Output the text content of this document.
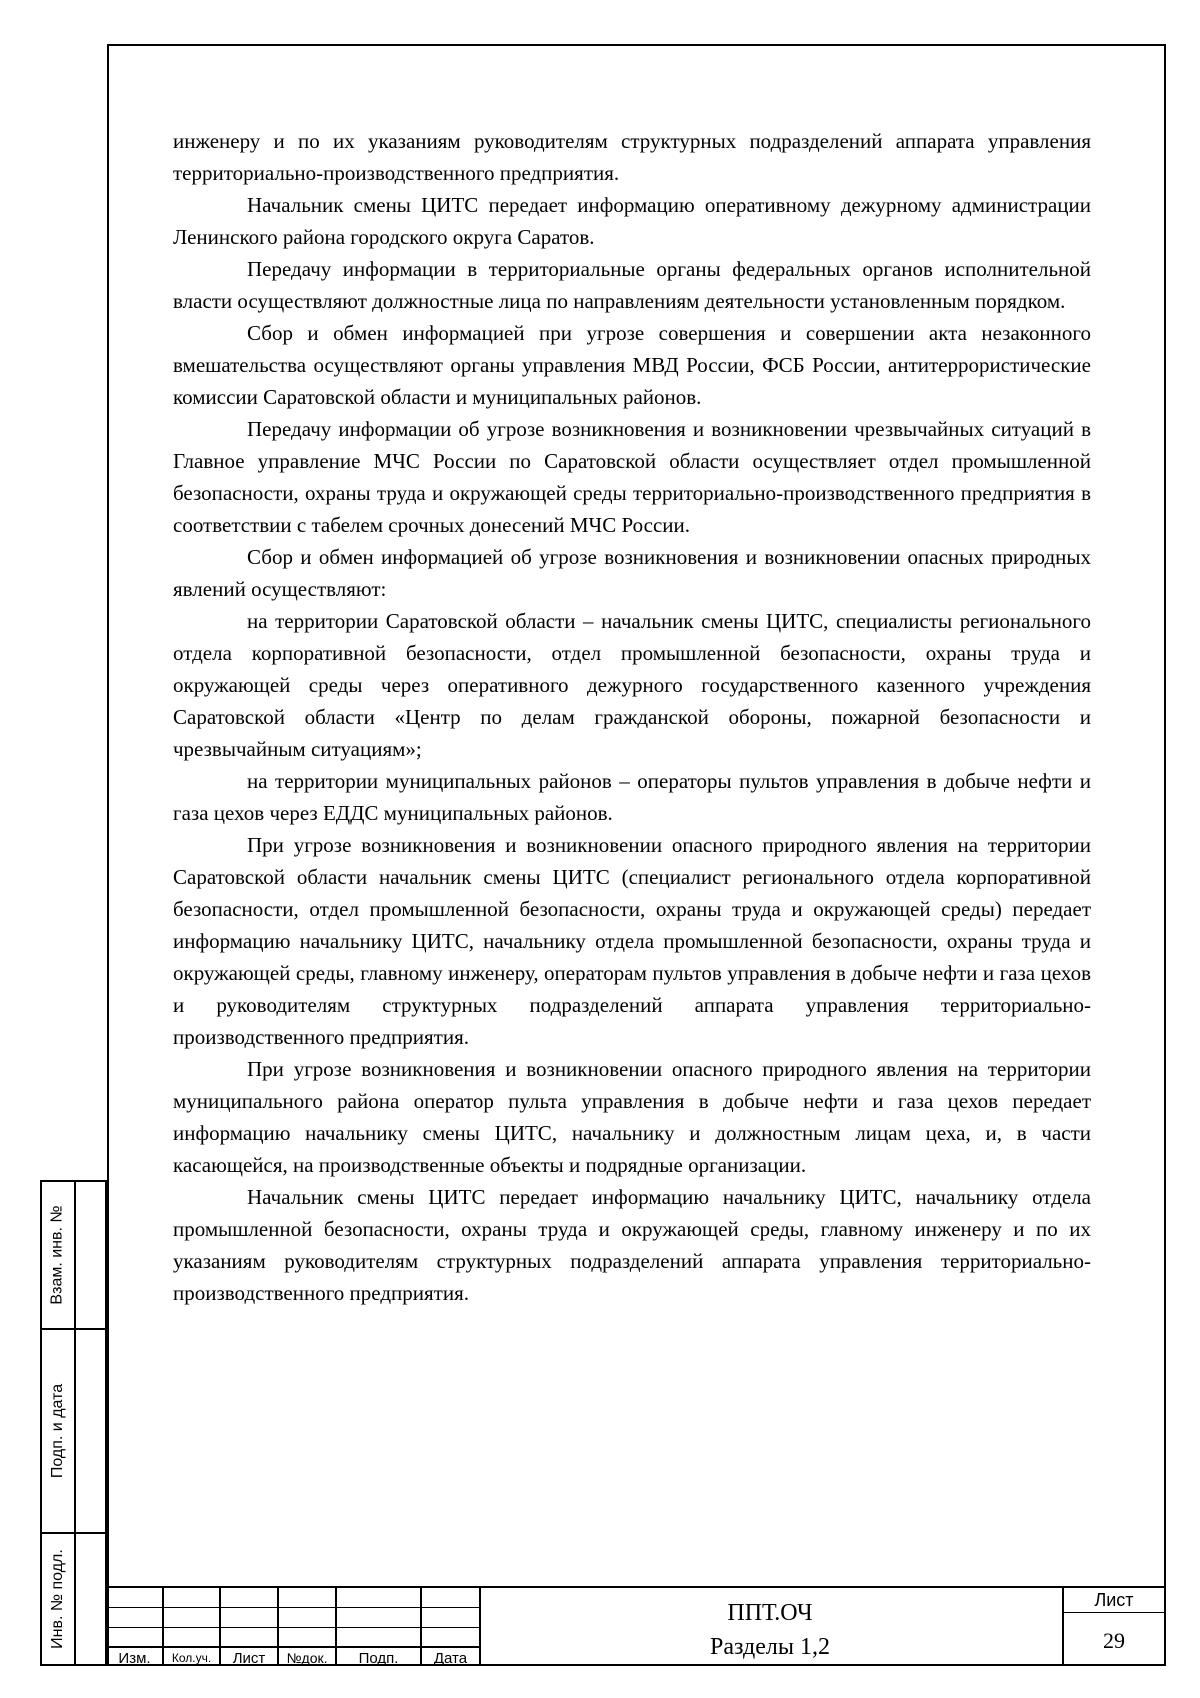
инженеру и по их указаниям руководителям структурных подразделений аппарата управления территориально-производственного предприятия.

Начальник смены ЦИТС передает информацию оперативному дежурному администрации Ленинского района городского округа Саратов.

Передачу информации в территориальные органы федеральных органов исполнительной власти осуществляют должностные лица по направлениям деятельности установленным порядком.

Сбор и обмен информацией при угрозе совершения и совершении акта незаконного вмешательства осуществляют органы управления МВД России, ФСБ России, антитеррористические комиссии Саратовской области и муниципальных районов.

Передачу информации об угрозе возникновения и возникновении чрезвычайных ситуаций в Главное управление МЧС России по Саратовской области осуществляет отдел промышленной безопасности, охраны труда и окружающей среды территориально-производственного предприятия в соответствии с табелем срочных донесений МЧС России.

Сбор и обмен информацией об угрозе возникновения и возникновении опасных природных явлений осуществляют:

на территории Саратовской области – начальник смены ЦИТС, специалисты регионального отдела корпоративной безопасности, отдел промышленной безопасности, охраны труда и окружающей среды через оперативного дежурного государственного казенного учреждения Саратовской области «Центр по делам гражданской обороны, пожарной безопасности и чрезвычайным ситуациям»;

на территории муниципальных районов – операторы пультов управления в добыче нефти и газа цехов через ЕДДС муниципальных районов.

При угрозе возникновения и возникновении опасного природного явления на территории Саратовской области начальник смены ЦИТС (специалист регионального отдела корпоративной безопасности, отдел промышленной безопасности, охраны труда и окружающей среды) передает информацию начальнику ЦИТС, начальнику отдела промышленной безопасности, охраны труда и окружающей среды, главному инженеру, операторам пультов управления в добыче нефти и газа цехов и руководителям структурных подразделений аппарата управления территориально-производственного предприятия.

При угрозе возникновения и возникновении опасного природного явления на территории муниципального района оператор пульта управления в добыче нефти и газа цехов передает информацию начальнику смены ЦИТС, начальнику и должностным лицам цеха, и, в части касающейся, на производственные объекты и подрядные организации.

Начальник смены ЦИТС передает информацию начальнику ЦИТС, начальнику отдела промышленной безопасности, охраны труда и окружающей среды, главному инженеру и по их указаниям руководителям структурных подразделений аппарата управления территориально-производственного предприятия.

Взам. инв. №
Подп. и дата
Инв. № подл.
Изм.	Кол.уч.	Лист	№док.	Подп.	Дата
ППТ.ОЧ
Разделы 1,2
Лист
29
